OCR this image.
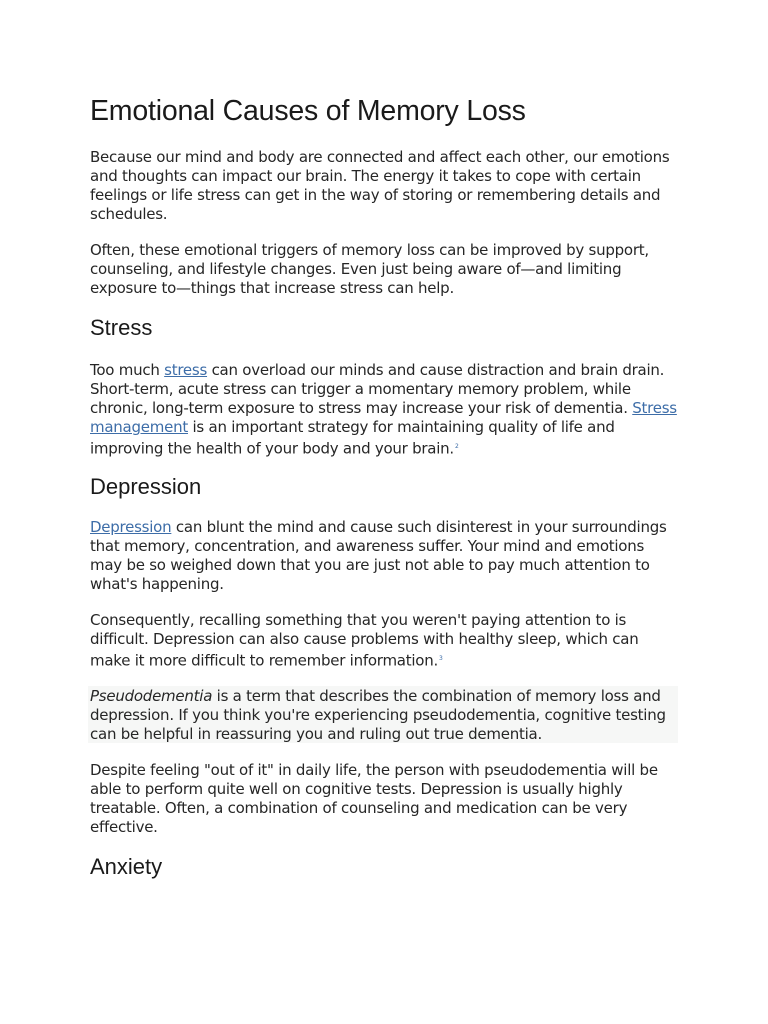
Emotional Causes of Memory Loss

Because our mind and body are connected and affect each other, our emotions and thoughts can impact our brain. The energy it takes to cope with certain feelings or life stress can get in the way of storing or remembering details and schedules.

Often, these emotional triggers of memory loss can be improved by support, counseling, and lifestyle changes. Even just being aware of—and limiting exposure to—things that increase stress can help.

Stress

Too much stress can overload our minds and cause distraction and brain drain. Short-term, acute stress can trigger a momentary memory problem, while chronic, long-term exposure to stress may increase your risk of dementia. Stress management is an important strategy for maintaining quality of life and improving the health of your body and your brain.$^2$

Depression

Depression can blunt the mind and cause such disinterest in your surroundings that memory, concentration, and awareness suffer. Your mind and emotions may be so weighed down that you are just not able to pay much attention to what's happening.

Consequently, recalling something that you weren't paying attention to is difficult. Depression can also cause problems with healthy sleep, which can make it more difficult to remember information.$^3$

Pseudodementia is a term that describes the combination of memory loss and depression. If you think you're experiencing pseudodementia, cognitive testing can be helpful in reassuring you and ruling out true dementia.

Despite feeling "out of it" in daily life, the person with pseudodementia will be able to perform quite well on cognitive tests. Depression is usually highly treatable. Often, a combination of counseling and medication can be very effective.

Anxiety
